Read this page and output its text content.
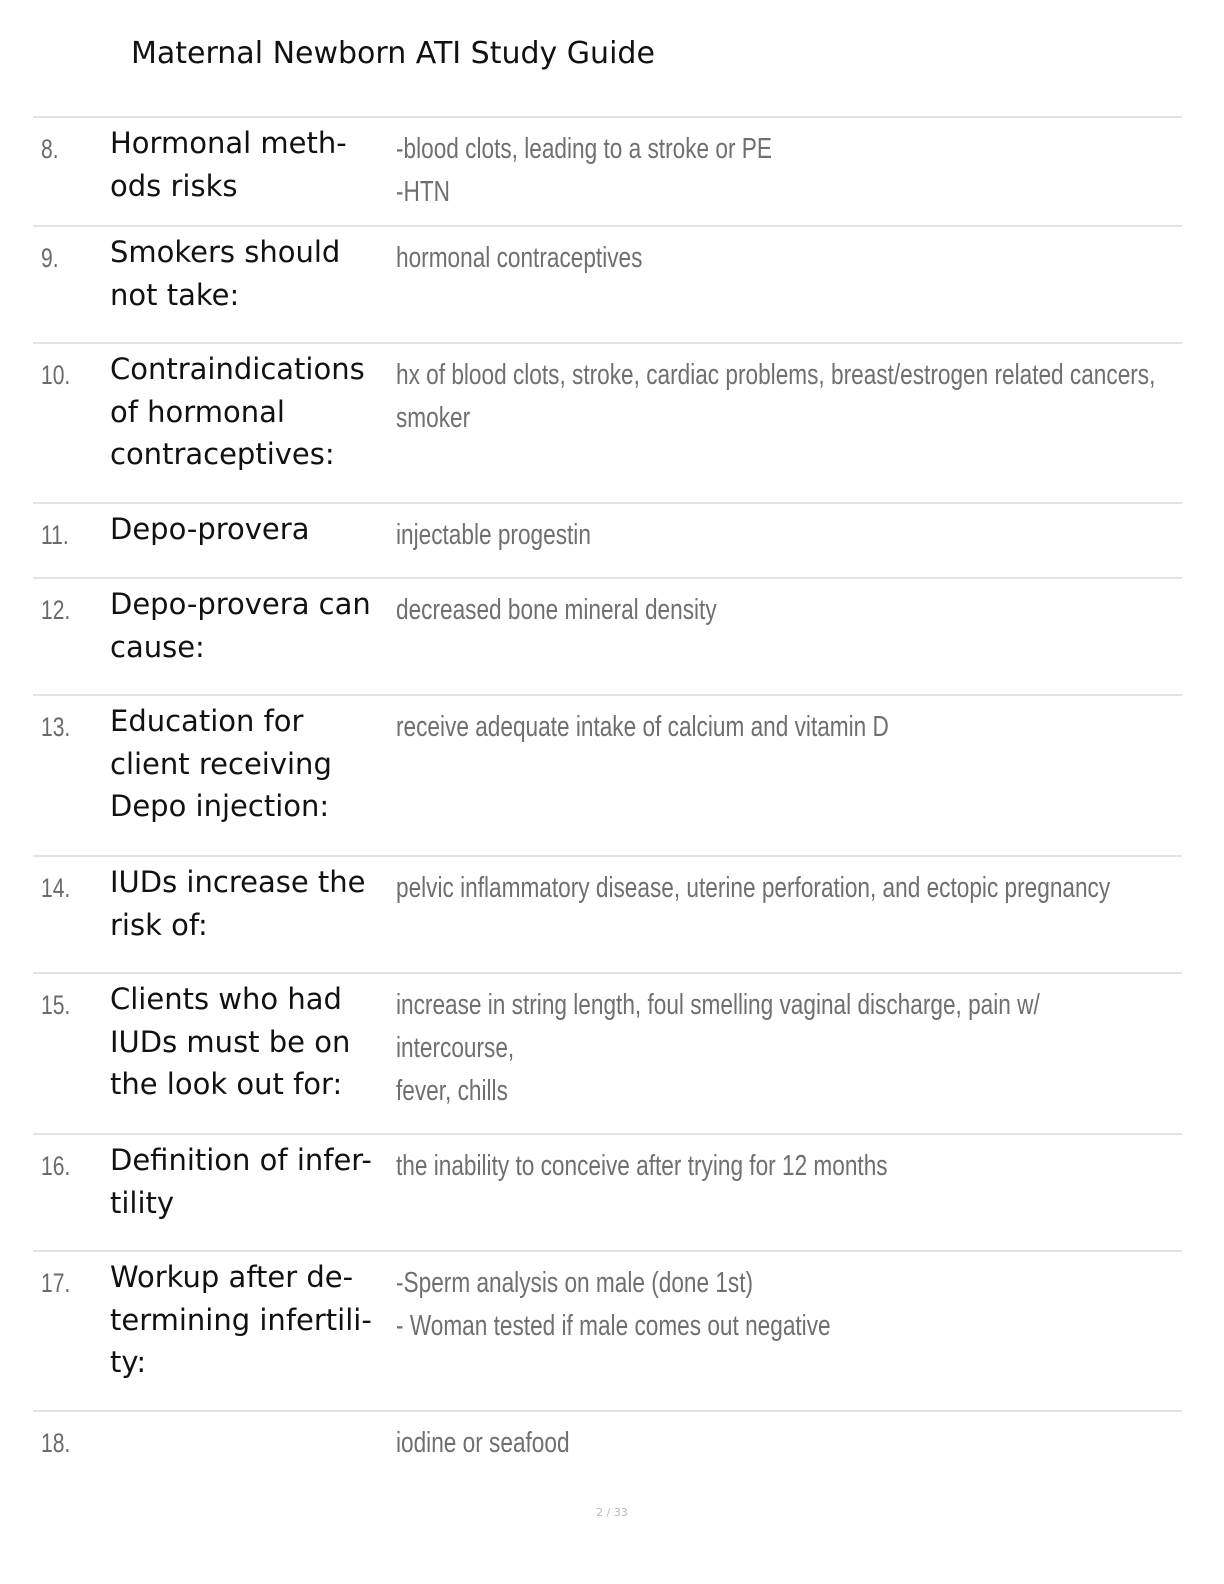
Maternal Newborn ATI Study Guide
8. Hormonal meth-
ods risks
-blood clots, leading to a stroke or PE
-HTN
9. Smokers should
not take:
hormonal contraceptives
10. Contraindications
of hormonal
contraceptives:
hx of blood clots, stroke, cardiac problems, breast/estrogen related cancers,
smoker
11. Depo-provera	injectable progestin
12. Depo-provera can
cause:
decreased bone mineral density
13. Education for
client receiving
Depo injection:
receive adequate intake of calcium and vitamin D
14. IUDs increase the
risk of:
pelvic inflammatory disease, uterine perforation, and ectopic pregnancy
15. Clients who had
IUDs must be on
the look out for:
increase in string length, foul smelling vaginal discharge, pain w/ intercourse,
fever, chills
16. Definition of infer-
tility
the inability to conceive after trying for 12 months
17. Workup after de-
termining infertili-
ty:
-Sperm analysis on male (done 1st)
- Woman tested if male comes out negative
18.	iodine or seafood
2 / 33
